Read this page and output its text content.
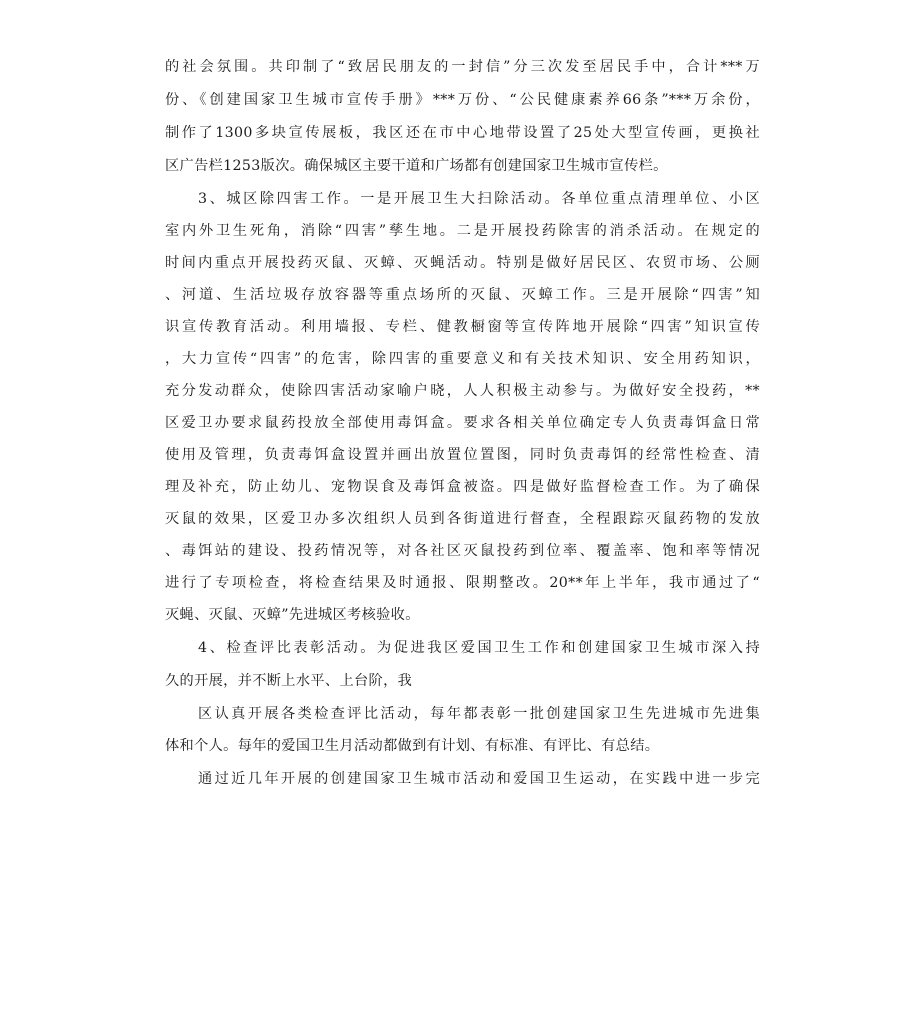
的社会氛围。共印制了“致居民朋友的一封信”分三次发至居民手中，合计***万
份、《创建国家卫生城市宣传手册》***万份、“公民健康素养66条”***万余份，
制作了1300多块宣传展板，我区还在市中心地带设置了25处大型宣传画，更换社
区广告栏1253版次。确保城区主要干道和广场都有创建国家卫生城市宣传栏。
3、城区除四害工作。一是开展卫生大扫除活动。各单位重点清理单位、小区
室内外卫生死角，消除“四害”孳生地。二是开展投药除害的消杀活动。在规定的
时间内重点开展投药灭鼠、灭蟑、灭蝇活动。特别是做好居民区、农贸市场、公厕
、河道、生活垃圾存放容器等重点场所的灭鼠、灭蟑工作。三是开展除“四害”知
识宣传教育活动。利用墙报、专栏、健教橱窗等宣传阵地开展除“四害”知识宣传
，大力宣传“四害”的危害，除四害的重要意义和有关技术知识、安全用药知识，
充分发动群众，使除四害活动家喻户晓，人人积极主动参与。为做好安全投药，**
区爱卫办要求鼠药投放全部使用毒饵盒。要求各相关单位确定专人负责毒饵盒日常
使用及管理，负责毒饵盒设置并画出放置位置图，同时负责毒饵的经常性检查、清
理及补充，防止幼儿、宠物误食及毒饵盒被盗。四是做好监督检查工作。为了确保
灭鼠的效果，区爱卫办多次组织人员到各街道进行督查，全程跟踪灭鼠药物的发放
、毒饵站的建设、投药情况等，对各社区灭鼠投药到位率、覆盖率、饱和率等情况
进行了专项检查，将检查结果及时通报、限期整改。20**年上半年，我市通过了“
灭蝇、灭鼠、灭蟑”先进城区考核验收。
4、检查评比表彰活动。为促进我区爱国卫生工作和创建国家卫生城市深入持
久的开展，并不断上水平、上台阶，我
区认真开展各类检查评比活动，每年都表彰一批创建国家卫生先进城市先进集
体和个人。每年的爱国卫生月活动都做到有计划、有标准、有评比、有总结。
通过近几年开展的创建国家卫生城市活动和爱国卫生运动，在实践中进一步完
